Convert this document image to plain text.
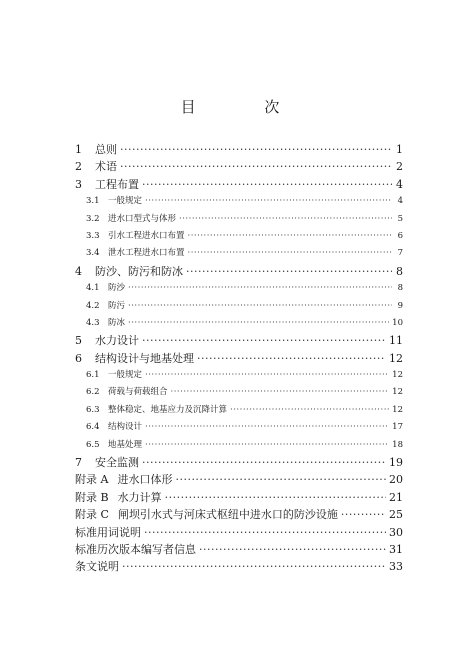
目 次
1	总则 ·····	1
2	术语 ·····	2
3	工程布置 ·····	4
3.1 一般规定 ·····	4
3.2 进水口型式与体形 ·····	5
3.3 引水工程进水口布置 ·····	6
3.4 泄水工程进水口布置 ·····	7
4	防沙、防污和防冰 ·····	8
4.1 防沙 ·····	8
4.2 防污 ·····	9
4.3 防冰 ·····	10
5	水力设计 ·····	11
6	结构设计与地基处理 ·····	12
6.1 一般规定 ·····	12
6.2 荷载与荷载组合 ·····	12
6.3 整体稳定、地基应力及沉降计算 ·····	12
6.4 结构设计 ·····	17
6.5 地基处理 ·····	18
7	安全监测 ·····	19
附录 A 进水口体形 ·····	20
附录 B 水力计算 ·····	21
附录 C 闸坝引水式与河床式枢纽中进水口的防沙设施 ·····	25
标准用词说明 ·····	30
标准历次版本编写者信息 ·····	31
条文说明 ·····	33
